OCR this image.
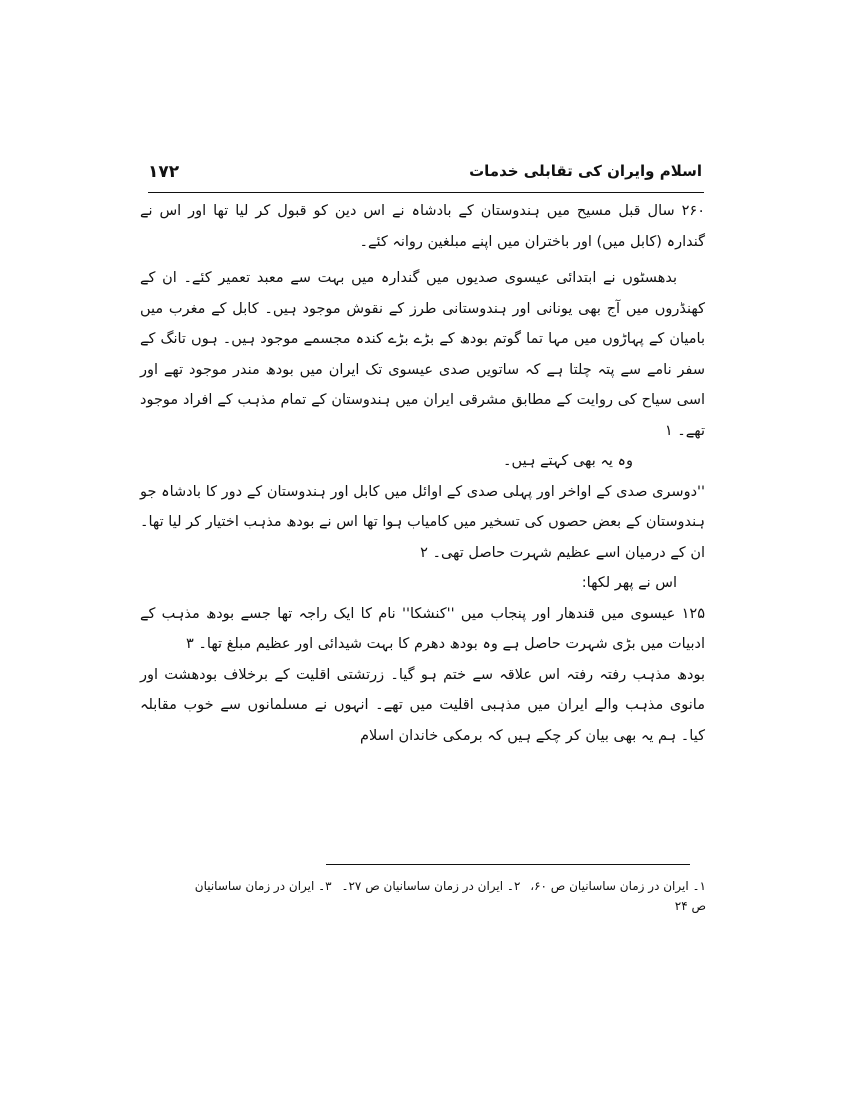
۱۷۲	اسلام وایران کی تقابلی خدمات

۲۶۰ سال قبل مسیح میں ہندوستان کے بادشاہ نے اس دین کو قبول کر لیا تھا اور اس نے گندارہ (کابل میں) اور باختران میں اپنے مبلغین روانہ کئے۔

بدھسٹوں نے ابتدائی عیسوی صدیوں میں گندارہ میں بہت سے معبد تعمیر کئے۔ ان کے کھنڈروں میں آج بھی یونانی اور ہندوستانی طرز کے نقوش موجود ہیں۔ کابل کے مغرب میں بامیان کے پہاڑوں میں مہا تما گوتم بودھ کے بڑے بڑے کندہ مجسمے موجود ہیں۔ ہوں تانگ کے سفر نامے سے پتہ چلتا ہے کہ ساتویں صدی عیسوی تک ایران میں بودھ مندر موجود تھے اور اسی سیاح کی روایت کے مطابق مشرقی ایران میں ہندوستان کے تمام مذہب کے افراد موجود تھے۔ ۱

وہ یہ بھی کہتے ہیں۔

''دوسری صدی کے اواخر اور پہلی صدی کے اوائل میں کابل اور ہندوستان کے دور کا بادشاہ جو ہندوستان کے بعض حصوں کی تسخیر میں کامیاب ہوا تھا اس نے بودھ مذہب اختیار کر لیا تھا۔ ان کے درمیان اسے عظیم شہرت حاصل تھی۔ ۲

اس نے پھر لکھا:

۱۲۵ عیسوی میں قندھار اور پنجاب میں ''کنشکا'' نام کا ایک راجہ تھا جسے بودھ مذہب کے ادبیات میں بڑی شہرت حاصل ہے وہ بودھ دھرم کا بہت شیدائی اور عظیم مبلغ تھا۔ ۳

بودھ مذہب رفتہ رفتہ اس علاقہ سے ختم ہو گیا۔ زرتشتی اقلیت کے برخلاف بودھشت اور مانوی مذہب والے ایران میں مذہبی اقلیت میں تھے۔ انہوں نے مسلمانوں سے خوب مقابلہ کیا۔ ہم یہ بھی بیان کر چکے ہیں کہ برمکی خاندان اسلام

۱۔ ایران در زمان ساسانیان ص ۶۰، ۲۔ ایران در زمان ساسانیان ص ۲۷۔ ۳۔ ایران در زمان ساسانیان ص ۲۴
